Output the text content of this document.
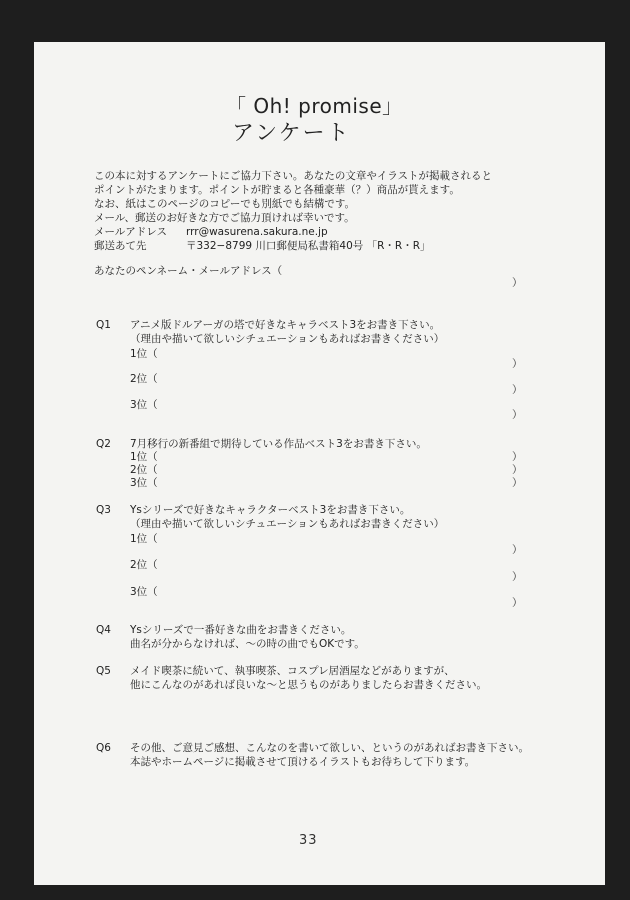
「 Oh! promise」
アンケート
この本に対するアンケートにご協力下さい。あなたの文章やイラストが掲載されると
ポイントがたまります。ポイントが貯まると各種豪華（？）商品が貰えます。
なお、紙はこのページのコピーでも別紙でも結構です。
メール、郵送のお好きな方でご協力頂ければ幸いです。
メールアドレス rrr@wasurena.sakura.ne.jp
郵送あて先	〒332−8799 川口郵便局私書箱40号 「R・R・R」
あなたのペンネーム・メールアドレス（
）
Q1 アニメ版ドルアーガの塔で好きなキャラベスト3をお書き下さい。
（理由や描いて欲しいシチュエーションもあればお書きください）
1位（
）
2位（
）
3位（
）
Q2 7月移行の新番組で期待している作品ベスト3をお書き下さい。
1位（	）
2位（	）
3位（	）
Q3 Ysシリーズで好きなキャラクターベスト3をお書き下さい。
（理由や描いて欲しいシチュエーションもあればお書きください）
1位（
）
2位（
）
3位（
）
Q4 Ysシリーズで一番好きな曲をお書きください。
曲名が分からなければ、〜の時の曲でもOKです。
Q5 メイド喫茶に続いて、執事喫茶、コスプレ居酒屋などがありますが、
他にこんなのがあれば良いな〜と思うものがありましたらお書きください。
Q6 その他、ご意見ご感想、こんなのを書いて欲しい、というのがあればお書き下さい。
本誌やホームページに掲載させて頂けるイラストもお待ちして下ります。
33
